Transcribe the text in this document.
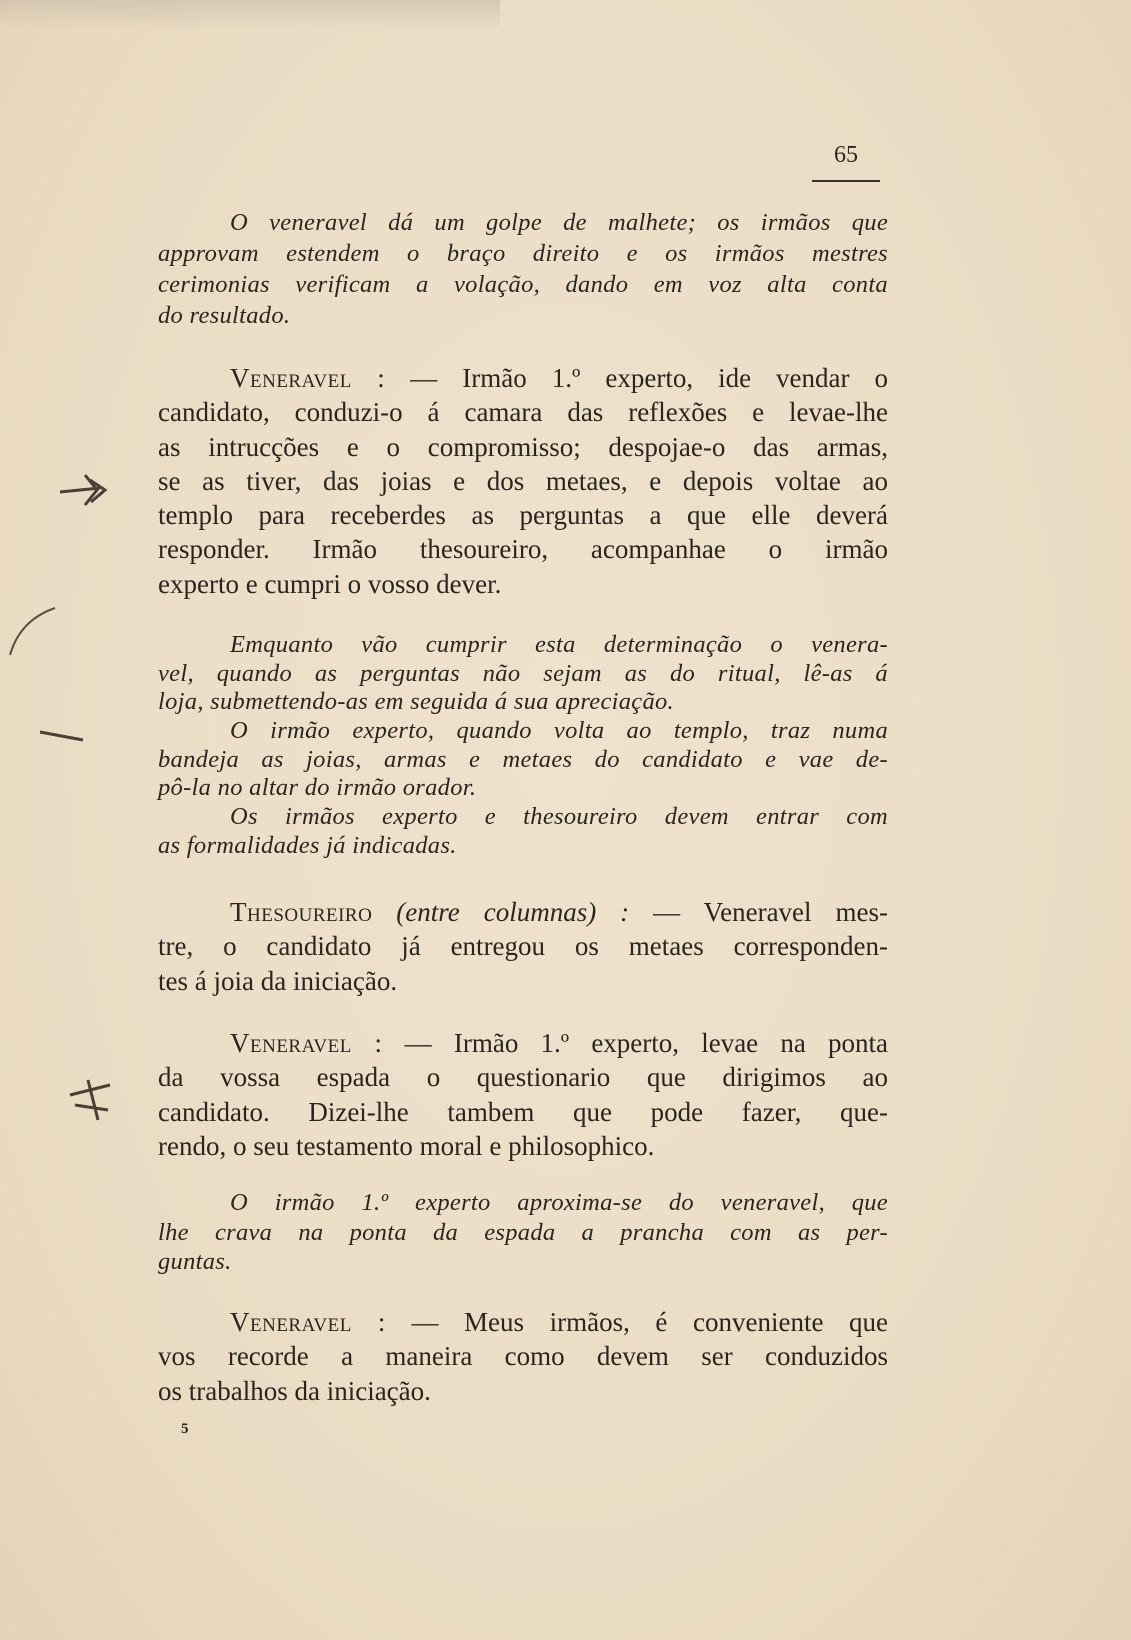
65
O veneravel dá um golpe de malhete; os irmãos que
approvam estendem o braço direito e os irmãos mestres
cerimonias verificam a volação, dando em voz alta conta
do resultado.
Veneravel : — Irmão 1.º experto, ide vendar o
candidato, conduzi-o á camara das reflexões e levae-lhe
as intrucções e o compromisso; despojae-o das armas,
se as tiver, das joias e dos metaes, e depois voltae ao
templo para receberdes as perguntas a que elle deverá
responder. Irmão thesoureiro, acompanhae o irmão
experto e cumpri o vosso dever.
Emquanto vão cumprir esta determinação o venera-
vel, quando as perguntas não sejam as do ritual, lê-as á
loja, submettendo-as em seguida á sua apreciação.
O irmão experto, quando volta ao templo, traz numa
bandeja as joias, armas e metaes do candidato e vae de-
pô-la no altar do irmão orador.
Os irmãos experto e thesoureiro devem entrar com
as formalidades já indicadas.
Thesoureiro (entre columnas) : — Veneravel mes-
tre, o candidato já entregou os metaes corresponden-
tes á joia da iniciação.
Veneravel : — Irmão 1.º experto, levae na ponta
da vossa espada o questionario que dirigimos ao
candidato. Dizei-lhe tambem que pode fazer, que-
rendo, o seu testamento moral e philosophico.
O irmão 1.º experto aproxima-se do veneravel, que
lhe crava na ponta da espada a prancha com as per-
guntas.
Veneravel : — Meus irmãos, é conveniente que
vos recorde a maneira como devem ser conduzidos
os trabalhos da iniciação.
5
